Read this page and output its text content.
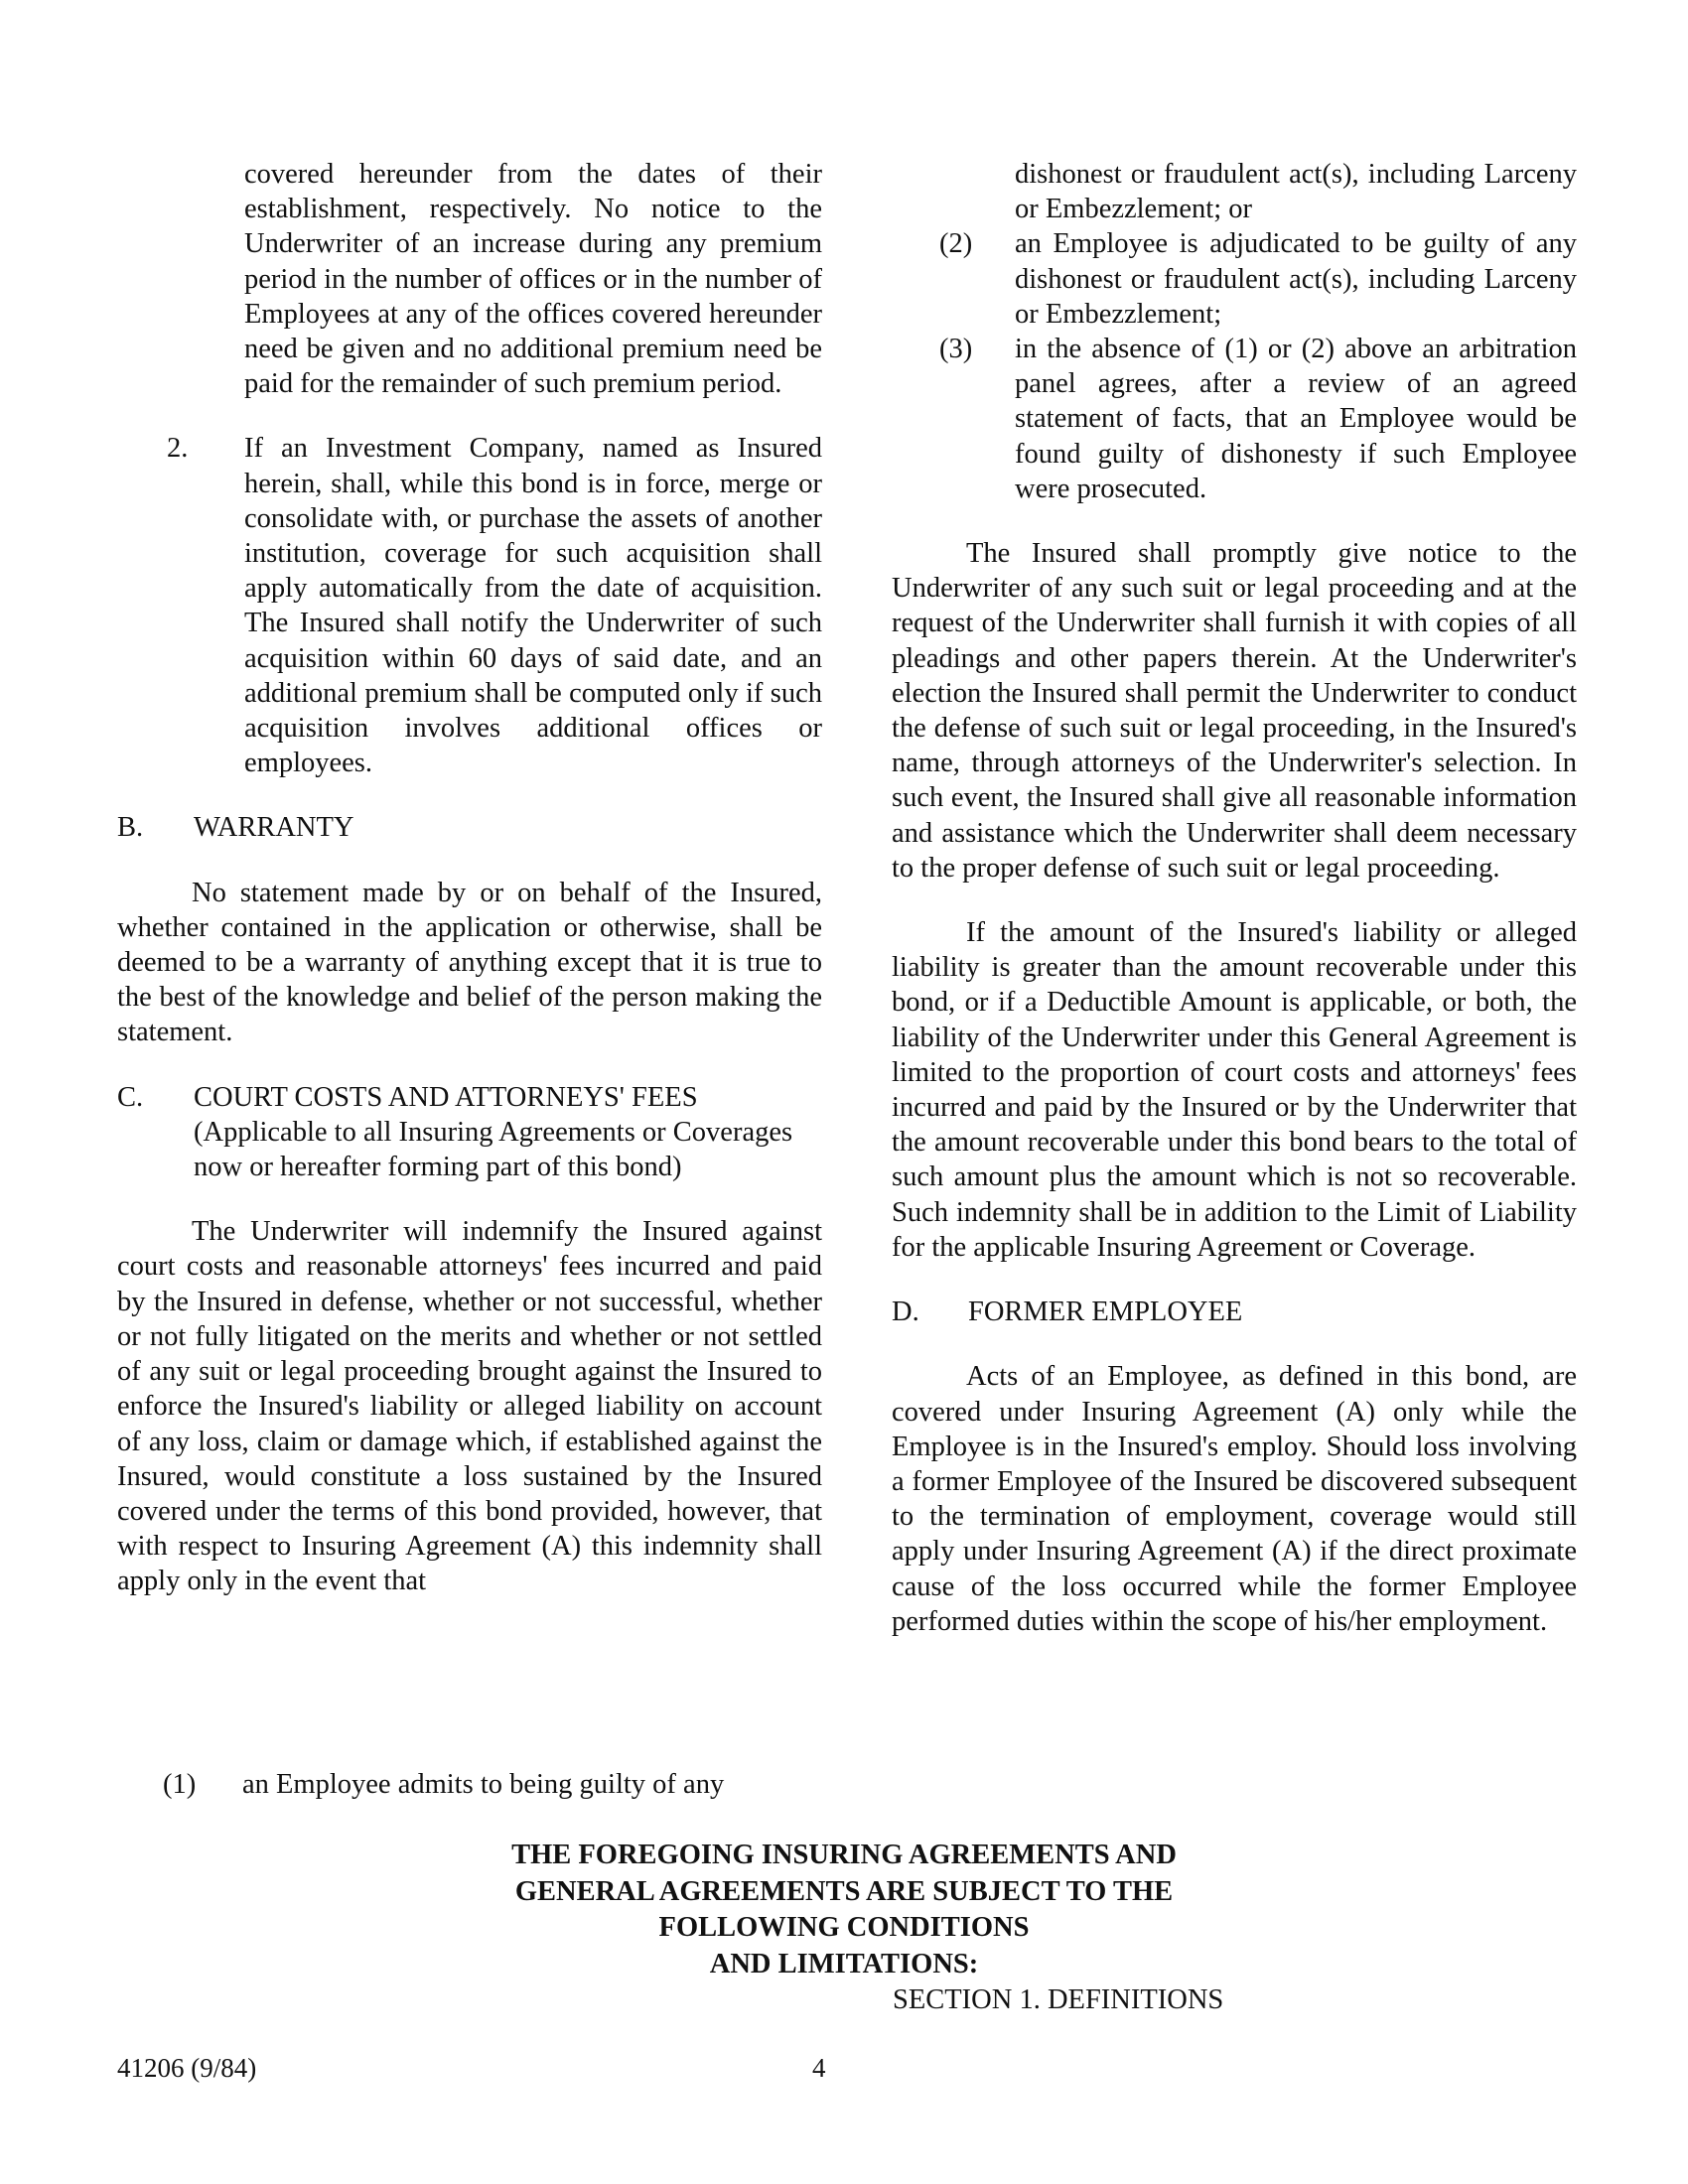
covered hereunder from the dates of their establishment, respectively. No notice to the Underwriter of an increase during any premium period in the number of offices or in the number of Employees at any of the offices covered hereunder need be given and no additional premium need be paid for the remainder of such premium period.

2.	If an Investment Company, named as Insured herein, shall, while this bond is in force, merge or consolidate with, or purchase the assets of another institution, coverage for such acquisition shall apply automatically from the date of acquisition. The Insured shall notify the Underwriter of such acquisition within 60 days of said date, and an additional premium shall be computed only if such acquisition involves additional offices or employees.
B.	WARRANTY

No statement made by or on behalf of the Insured, whether contained in the application or otherwise, shall be deemed to be a warranty of anything except that it is true to the best of the knowledge and belief of the person making the statement.

C.	COURT COSTS AND ATTORNEYS' FEES
(Applicable to all Insuring Agreements or Coverages now or hereafter forming part of this bond)

The Underwriter will indemnify the Insured against court costs and reasonable attorneys' fees incurred and paid by the Insured in defense, whether or not successful, whether or not fully litigated on the merits and whether or not settled of any suit or legal proceeding brought against the Insured to enforce the Insured's liability or alleged liability on account of any loss, claim or damage which, if established against the Insured, would constitute a loss sustained by the Insured covered under the terms of this bond provided, however, that with respect to Insuring Agreement (A) this indemnity shall apply only in the event that

(1)	an Employee admits to being guilty of any

dishonest or fraudulent act(s), including Larceny or Embezzlement; or

(2)	an Employee is adjudicated to be guilty of any dishonest or fraudulent act(s), including Larceny or Embezzlement;
(3)	in the absence of (1) or (2) above an arbitration panel agrees, after a review of an agreed statement of facts, that an Employee would be found guilty of dishonesty if such Employee were prosecuted.

The Insured shall promptly give notice to the Underwriter of any such suit or legal proceeding and at the request of the Underwriter shall furnish it with copies of all pleadings and other papers therein. At the Underwriter's election the Insured shall permit the Underwriter to conduct the defense of such suit or legal proceeding, in the Insured's name, through attorneys of the Underwriter's selection. In such event, the Insured shall give all reasonable information and assistance which the Underwriter shall deem necessary to the proper defense of such suit or legal proceeding.

If the amount of the Insured's liability or alleged liability is greater than the amount recoverable under this bond, or if a Deductible Amount is applicable, or both, the liability of the Underwriter under this General Agreement is limited to the proportion of court costs and attorneys' fees incurred and paid by the Insured or by the Underwriter that the amount recoverable under this bond bears to the total of such amount plus the amount which is not so recoverable. Such indemnity shall be in addition to the Limit of Liability for the applicable Insuring Agreement or Coverage.

D.	FORMER EMPLOYEE

Acts of an Employee, as defined in this bond, are covered under Insuring Agreement (A) only while the Employee is in the Insured's employ. Should loss involving a former Employee of the Insured be discovered subsequent to the termination of employment, coverage would still apply under Insuring Agreement (A) if the direct proximate cause of the loss occurred while the former Employee performed duties within the scope of his/her employment.

THE FOREGOING INSURING AGREEMENTS AND
GENERAL AGREEMENTS ARE SUBJECT TO THE
FOLLOWING CONDITIONS
AND LIMITATIONS:
SECTION 1. DEFINITIONS
41206 (9/84)	4
